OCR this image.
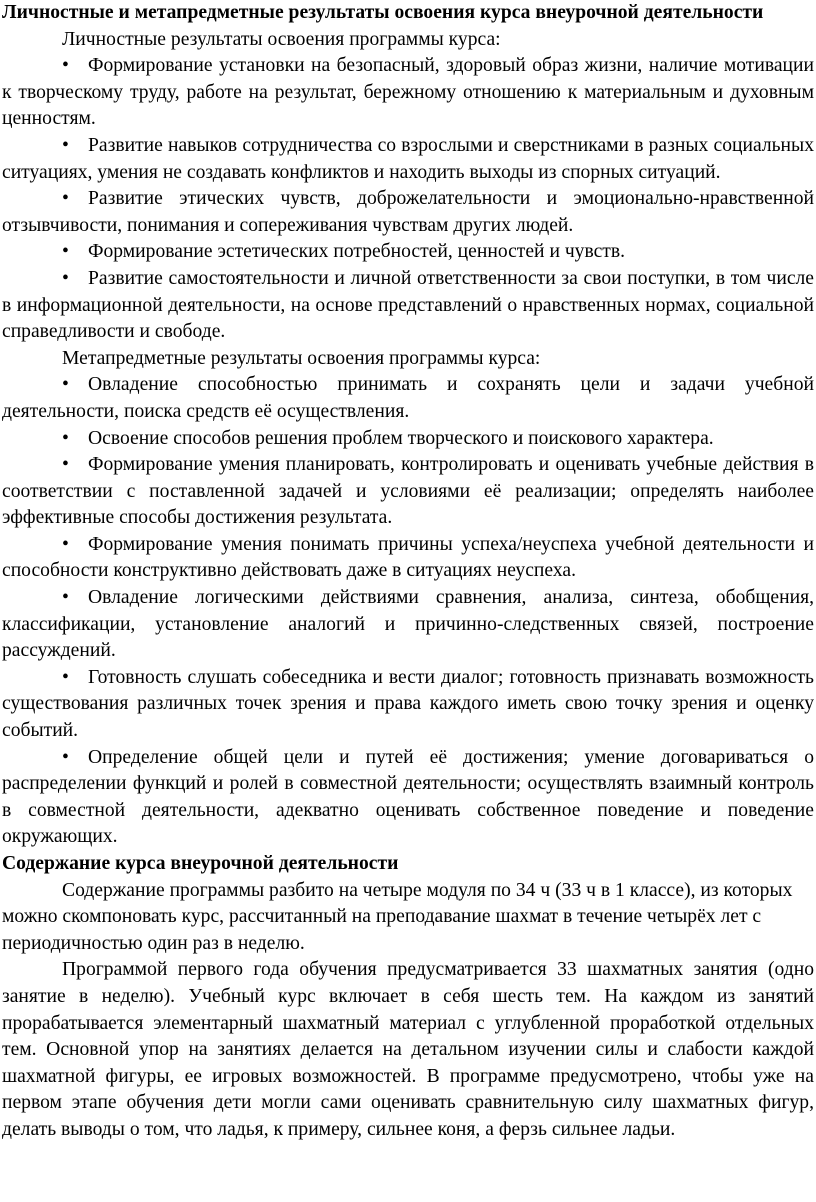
Личностные и метапредметные результаты освоения курса внеурочной деятельности

Личностные результаты освоения программы курса:

• Формирование установки на безопасный, здоровый образ жизни, наличие мотивации к творческому труду, работе на результат, бережному отношению к материальным и духовным ценностям.

• Развитие навыков сотрудничества со взрослыми и сверстниками в разных социальных ситуациях, умения не создавать конфликтов и находить выходы из спорных ситуаций.

• Развитие этических чувств, доброжелательности и эмоционально-нравственной отзывчивости, понимания и сопереживания чувствам других людей.

• Формирование эстетических потребностей, ценностей и чувств.

• Развитие самостоятельности и личной ответственности за свои поступки, в том числе в информационной деятельности, на основе представлений о нравственных нормах, социальной справедливости и свободе.

Метапредметные результаты освоения программы курса:

• Овладение способностью принимать и сохранять цели и задачи учебной деятельности, поиска средств её осуществления.

• Освоение способов решения проблем творческого и поискового характера.

• Формирование умения планировать, контролировать и оценивать учебные действия в соответствии с поставленной задачей и условиями её реализации; определять наиболее эффективные способы достижения результата.

• Формирование умения понимать причины успеха/неуспеха учебной деятельности и способности конструктивно действовать даже в ситуациях неуспеха.

• Овладение логическими действиями сравнения, анализа, синтеза, обобщения, классификации, установление аналогий и причинно-следственных связей, построение рассуждений.

• Готовность слушать собеседника и вести диалог; готовность признавать возможность существования различных точек зрения и права каждого иметь свою точку зрения и оценку событий.

• Определение общей цели и путей её достижения; умение договариваться о распределении функций и ролей в совместной деятельности; осуществлять взаимный контроль в совместной деятельности, адекватно оценивать собственное поведение и поведение окружающих.

Содержание курса внеурочной деятельности

Содержание программы разбито на четыре модуля по 34 ч (33 ч в 1 классе), из которых можно скомпоновать курс, рассчитанный на преподавание шахмат в течение четырёх лет с периодичностью один раз в неделю.

Программой первого года обучения предусматривается 33 шахматных занятия (одно занятие в неделю). Учебный курс включает в себя шесть тем. На каждом из занятий прорабатывается элементарный шахматный материал с углубленной проработкой отдельных тем. Основной упор на занятиях делается на детальном изучении силы и слабости каждой шахматной фигуры, ее игровых возможностей. В программе предусмотрено, чтобы уже на первом этапе обучения дети могли сами оценивать сравнительную силу шахматных фигур, делать выводы о том, что ладья, к примеру, сильнее коня, а ферзь сильнее ладьи.
